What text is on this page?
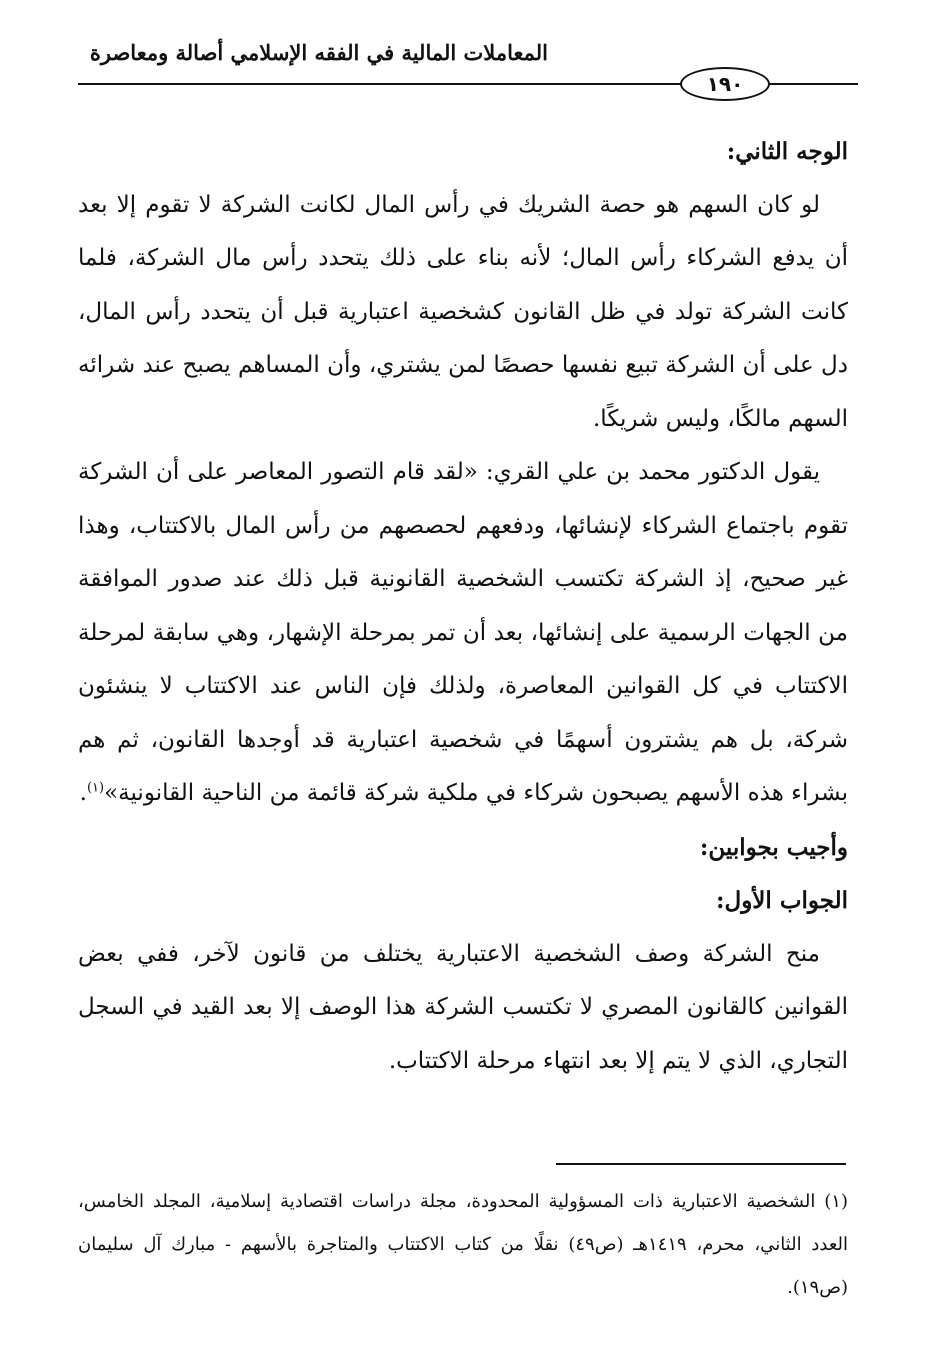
المعاملات المالية في الفقه الإسلامي أصالة ومعاصرة
١٩٠

الوجه الثاني:

لو كان السهم هو حصة الشريك في رأس المال لكانت الشركة لا تقوم إلا بعد أن يدفع الشركاء رأس المال؛ لأنه بناء على ذلك يتحدد رأس مال الشركة، فلما كانت الشركة تولد في ظل القانون كشخصية اعتبارية قبل أن يتحدد رأس المال، دل على أن الشركة تبيع نفسها حصصًا لمن يشتري، وأن المساهم يصبح عند شرائه السهم مالكًا، وليس شريكًا.

يقول الدكتور محمد بن علي القري: «لقد قام التصور المعاصر على أن الشركة تقوم باجتماع الشركاء لإنشائها، ودفعهم لحصصهم من رأس المال بالاكتتاب، وهذا غير صحيح، إذ الشركة تكتسب الشخصية القانونية قبل ذلك عند صدور الموافقة من الجهات الرسمية على إنشائها، بعد أن تمر بمرحلة الإشهار، وهي سابقة لمرحلة الاكتتاب في كل القوانين المعاصرة، ولذلك فإن الناس عند الاكتتاب لا ينشئون شركة، بل هم يشترون أسهمًا في شخصية اعتبارية قد أوجدها القانون، ثم هم بشراء هذه الأسهم يصبحون شركاء في ملكية شركة قائمة من الناحية القانونية»$^{(١)}$.

وأجيب بجوابين:

الجواب الأول:

منح الشركة وصف الشخصية الاعتبارية يختلف من قانون لآخر، ففي بعض القوانين كالقانون المصري لا تكتسب الشركة هذا الوصف إلا بعد القيد في السجل التجاري، الذي لا يتم إلا بعد انتهاء مرحلة الاكتتاب.

(١) الشخصية الاعتبارية ذات المسؤولية المحدودة، مجلة دراسات اقتصادية إسلامية، المجلد الخامس، العدد الثاني، محرم، ١٤١٩هـ (ص٤٩) نقلًا من كتاب الاكتتاب والمتاجرة بالأسهم - مبارك آل سليمان (ص١٩).
